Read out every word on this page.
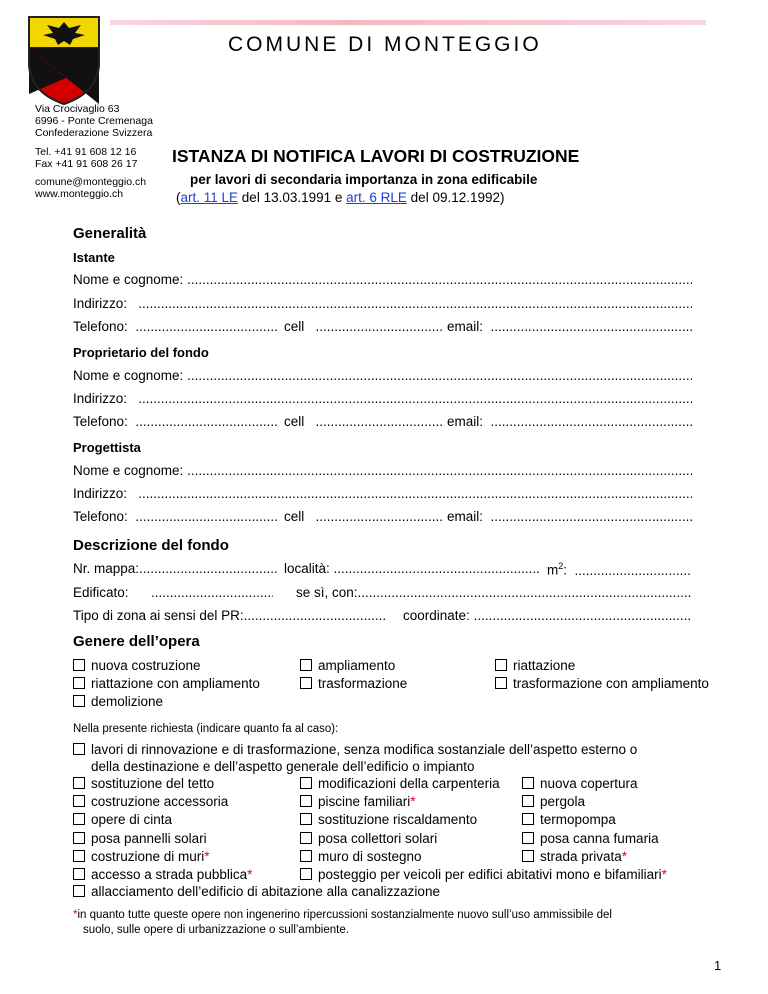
COMUNE DI MONTEGGIO
Via Crocivaglio 63
6996 - Ponte Cremenaga
Confederazione Svizzera
Tel. +41 91 608 12 16
Fax +41 91 608 26 17
comune@monteggio.ch
www.monteggio.ch
ISTANZA DI NOTIFICA LAVORI DI COSTRUZIONE
per lavori di secondaria importanza in zona edificabile
(art. 11 LE del 13.03.1991 e art. 6 RLE del 09.12.1992)
Generalità
Istante
Nome e cognome:

.....
Indirizzo:

.....
Telefono: .....	cell .....	email:   .....
Proprietario del fondo
Nome e cognome:

.....
Indirizzo:

.....
Telefono: .....	cell .....	email:   .....
Progettista
Nome e cognome:

.....
Indirizzo:

.....
Telefono: .....	cell .....	email:   .....
Descrizione del fondo
Nr. mappa: .....	località: .....	$m^2$:   .....
Edificato: .....	se sì, con: .....
Tipo di zona ai sensi del PR: .....	coordinate:  .....
Genere dell’opera
nuova costruzione
riattazione con ampliamento
demolizione
ampliamento
trasformazione
riattazione
trasformazione con ampliamento
Nella presente richiesta (indicare quanto fa al caso):
lavori di rinnovazione e di trasformazione, senza modifica sostanziale dell’aspetto esterno o
della destinazione e dell’aspetto generale dell’edificio o impianto
sostituzione del tetto
costruzione accessoria
opere di cinta
posa pannelli solari
costruzione di muri*
accesso a strada pubblica*
modificazioni della carpenteria
piscine familiari*
sostituzione riscaldamento
posa collettori solari
muro di sostegno
posteggio per veicoli per edifici abitativi mono e bifamiliari*
nuova copertura
pergola
termopompa
posa canna fumaria
strada privata*
allacciamento dell’edificio di abitazione alla canalizzazione
*in quanto tutte queste opere non ingenerino ripercussioni sostanzialmente nuovo sull’uso ammissibile del
suolo, sulle opere di urbanizzazione o sull’ambiente.
1
